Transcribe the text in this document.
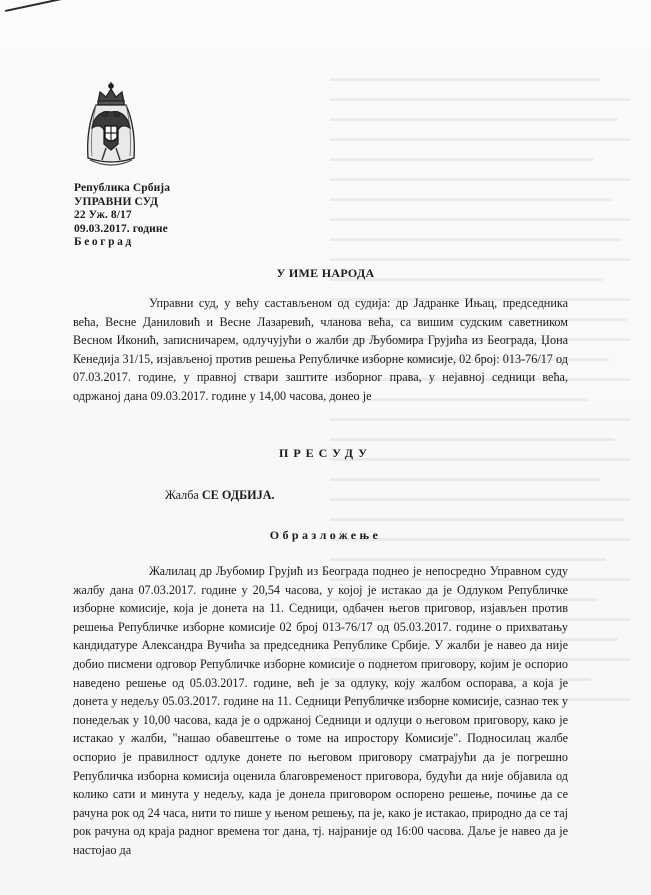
Република Србија
УПРАВНИ СУД
22 Уж. 8/17
09.03.2017. године
Београд
У ИМЕ НАРОДА
Управни суд, у већу састављеном од судија: др Јадранке Ињац, председника већа, Весне Даниловић и Весне Лазаревић, чланова већа, са вишим судским саветником Весном Иконић, записничарем, одлучујући о жалби др Љубомира Грујића из Београда, Џона Кенедија 31/15, изјављеној против решења Републичке изборне комисије, 02 број: 013-76/17 од 07.03.2017. године, у правној ствари заштите изборног права, у нејавној седници већа, одржаној дана 09.03.2017. године у 14,00 часова, донео је
ПРЕСУДУ
Жалба СЕ ОДБИЈА.
Образложење
Жалилац др Љубомир Грујић из Београда поднео је непосредно Управном суду жалбу дана 07.03.2017. године у 20,54 часова, у којој је истакао да је Одлуком Републичке изборне комисије, која је донета на 11. Седници, одбачен његов приговор, изјављен против решења Републичке изборне комисије 02 број 013-76/17 од 05.03.2017. године о прихватању кандидатуре Александра Вучића за председника Републике Србије. У жалби је навео да није добио писмени одговор Републичке изборне комисије о поднетом приговору, којим је оспорио наведено решење од 05.03.2017. године, већ је за одлуку, коју жалбом оспорава, а која је донета у недељу 05.03.2017. године на 11. Седници Републичке изборне комисије, сазнао тек у понедељак у 10,00 часова, када је о одржаној Седници и одлуци о његовом приговору, како је истакао у жалби, "нашао обавештење о томе на ипростору Комисије". Подносилац жалбе оспорио је правилност одлуке донете по његовом приговору сматрајући да је погрешно Републичка изборна комисија оценила благовременост приговора, будући да није објавила од колико сати и минута у недељу, када је донела приговором оспорено решење, почиње да се рачуна рок од 24 часа, нити то пише у њеном решењу, па је, како је истакао, природно да се тај рок рачуна од краја радног времена тог дана, тј. најраније од 16:00 часова. Даље је навео да је настојао да
